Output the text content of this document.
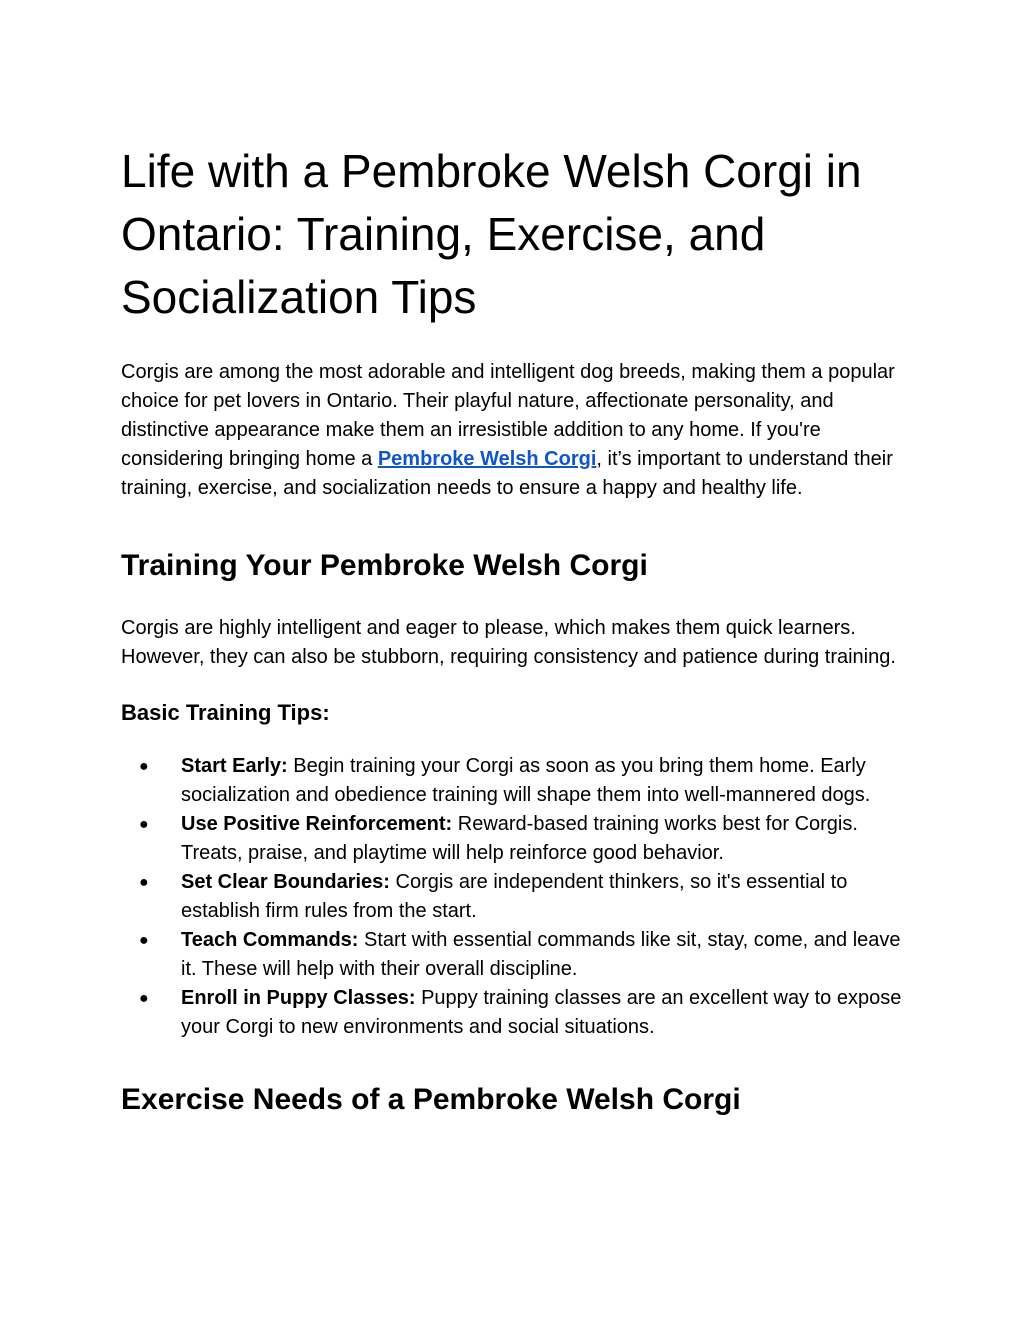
Life with a Pembroke Welsh Corgi in Ontario: Training, Exercise, and Socialization Tips

Corgis are among the most adorable and intelligent dog breeds, making them a popular choice for pet lovers in Ontario. Their playful nature, affectionate personality, and distinctive appearance make them an irresistible addition to any home. If you're considering bringing home a Pembroke Welsh Corgi, it’s important to understand their training, exercise, and socialization needs to ensure a happy and healthy life.

Training Your Pembroke Welsh Corgi

Corgis are highly intelligent and eager to please, which makes them quick learners. However, they can also be stubborn, requiring consistency and patience during training.

Basic Training Tips:
● Start Early: Begin training your Corgi as soon as you bring them home. Early socialization and obedience training will shape them into well-mannered dogs.
● Use Positive Reinforcement: Reward-based training works best for Corgis. Treats, praise, and playtime will help reinforce good behavior.
● Set Clear Boundaries: Corgis are independent thinkers, so it's essential to establish firm rules from the start.
● Teach Commands: Start with essential commands like sit, stay, come, and leave it. These will help with their overall discipline.
● Enroll in Puppy Classes: Puppy training classes are an excellent way to expose your Corgi to new environments and social situations.
Exercise Needs of a Pembroke Welsh Corgi
